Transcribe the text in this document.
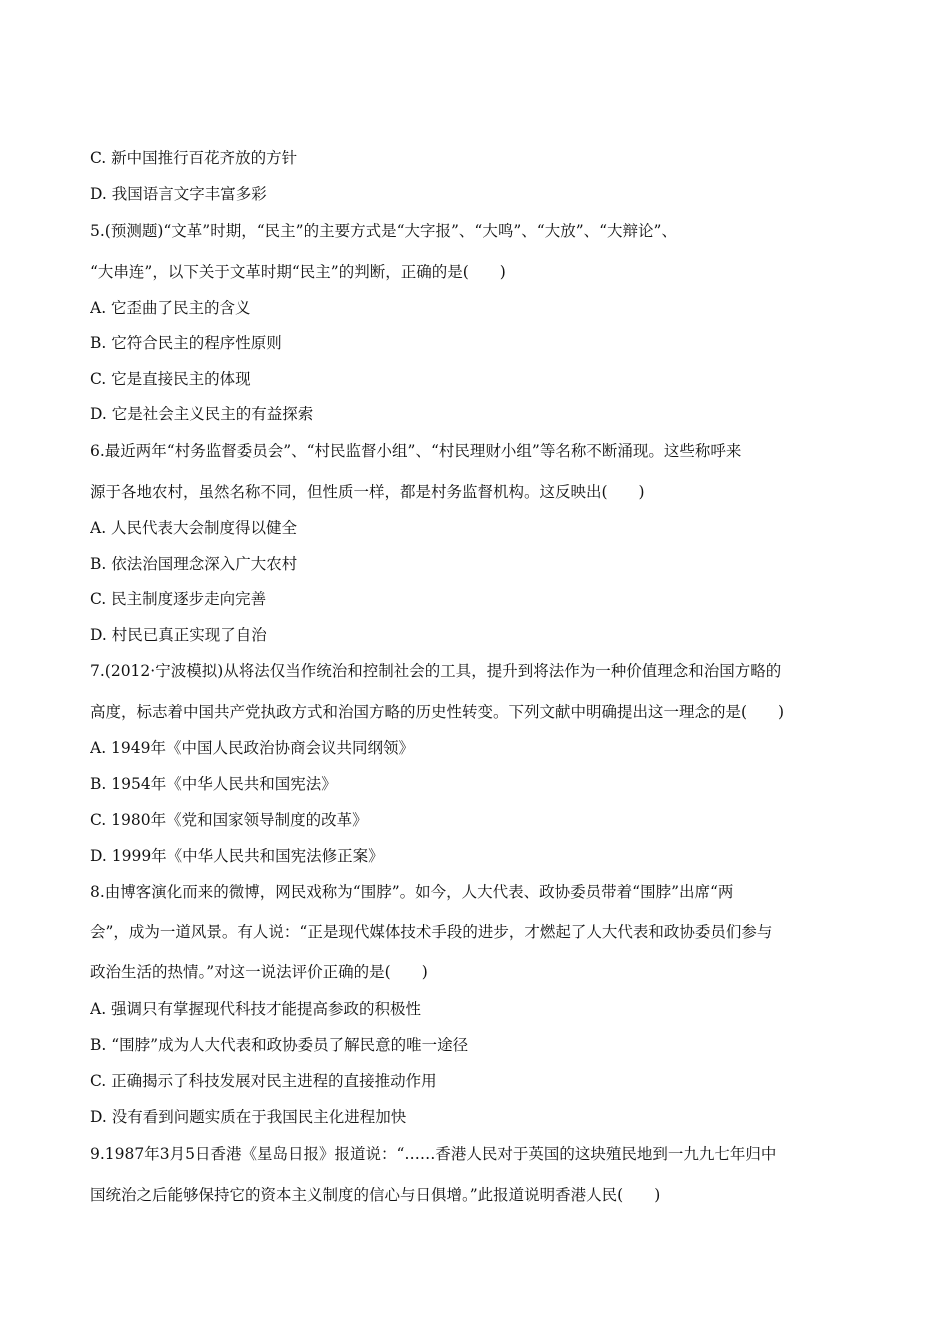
C. 新中国推行百花齐放的方针
D. 我国语言文字丰富多彩
5.(预测题)“文革”时期，“民主”的主要方式是“大字报”、“大鸣”、“大放”、“大辩论”、
“大串连”，以下关于文革时期“民主”的判断，正确的是(　　)
A. 它歪曲了民主的含义
B. 它符合民主的程序性原则
C. 它是直接民主的体现
D. 它是社会主义民主的有益探索
6.最近两年“村务监督委员会”、“村民监督小组”、“村民理财小组”等名称不断涌现。这些称呼来
源于各地农村，虽然名称不同，但性质一样，都是村务监督机构。这反映出(　　)
A. 人民代表大会制度得以健全
B. 依法治国理念深入广大农村
C. 民主制度逐步走向完善
D. 村民已真正实现了自治
7.(2012·宁波模拟)从将法仅当作统治和控制社会的工具，提升到将法作为一种价值理念和治国方略的
高度，标志着中国共产党执政方式和治国方略的历史性转变。下列文献中明确提出这一理念的是(　　)
A. 1949年《中国人民政治协商会议共同纲领》
B. 1954年《中华人民共和国宪法》
C. 1980年《党和国家领导制度的改革》
D. 1999年《中华人民共和国宪法修正案》
8.由博客演化而来的微博，网民戏称为“围脖”。如今，人大代表、政协委员带着“围脖”出席“两
会”，成为一道风景。有人说：“正是现代媒体技术手段的进步，才燃起了人大代表和政协委员们参与
政治生活的热情。”对这一说法评价正确的是(　　)
A. 强调只有掌握现代科技才能提高参政的积极性
B. “围脖”成为人大代表和政协委员了解民意的唯一途径
C. 正确揭示了科技发展对民主进程的直接推动作用
D. 没有看到问题实质在于我国民主化进程加快
9.1987年3月5日香港《星岛日报》报道说：“……香港人民对于英国的这块殖民地到一九九七年归中
国统治之后能够保持它的资本主义制度的信心与日俱增。”此报道说明香港人民(　　)
